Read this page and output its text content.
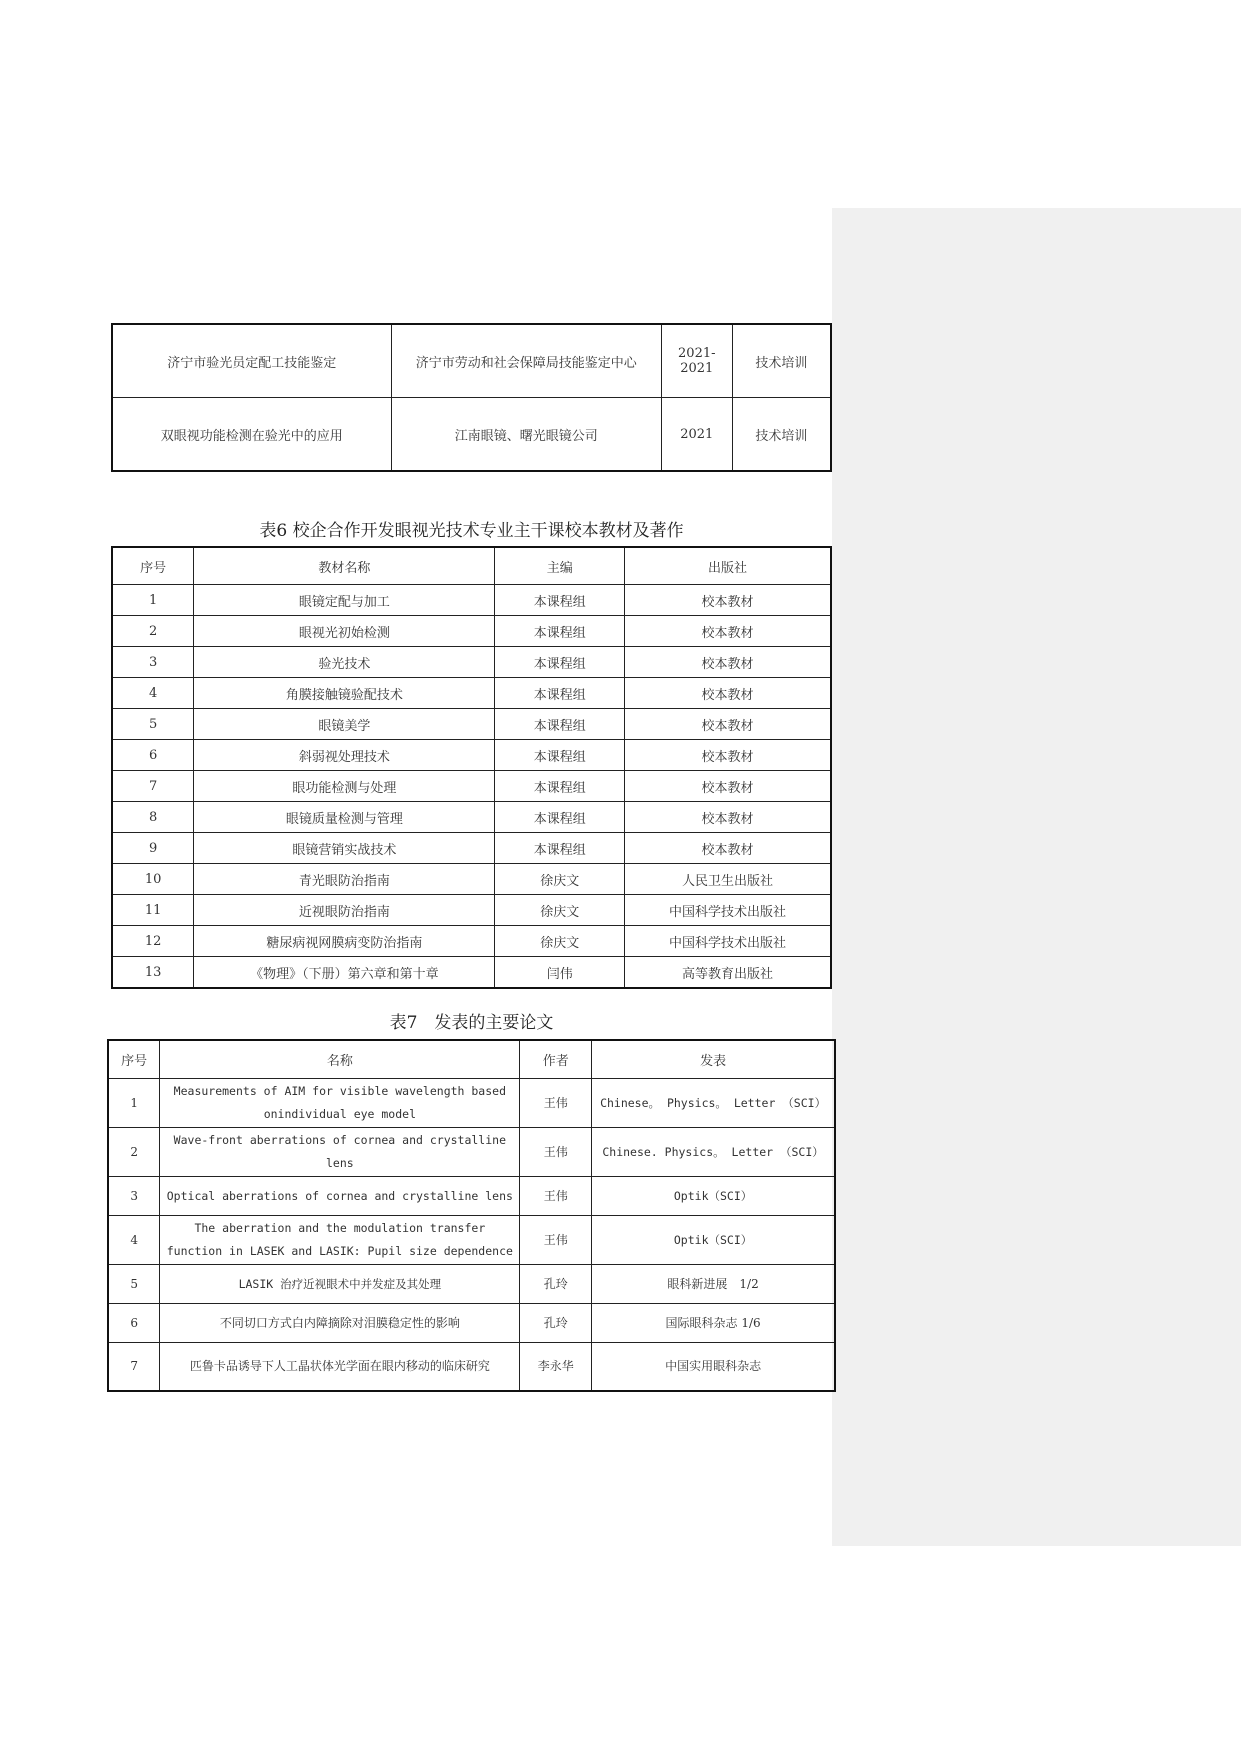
济宁市验光员定配工技能鉴定	济宁市劳动和社会保障局技能鉴定中心	2021-2021	技术培训
双眼视功能检测在验光中的应用	江南眼镜、曙光眼镜公司	2021	技术培训
表6 校企合作开发眼视光技术专业主干课校本教材及著作
序号	教材名称	主编	出版社
1	眼镜定配与加工	本课程组	校本教材
2	眼视光初始检测	本课程组	校本教材
3	验光技术	本课程组	校本教材
4	角膜接触镜验配技术	本课程组	校本教材
5	眼镜美学	本课程组	校本教材
6	斜弱视处理技术	本课程组	校本教材
7	眼功能检测与处理	本课程组	校本教材
8	眼镜质量检测与管理	本课程组	校本教材
9	眼镜营销实战技术	本课程组	校本教材
10	青光眼防治指南	徐庆文	人民卫生出版社
11	近视眼防治指南	徐庆文	中国科学技术出版社
12	糖尿病视网膜病变防治指南	徐庆文	中国科学技术出版社
13	《物理》（下册）第六章和第十章	闫伟	高等教育出版社
表7　发表的主要论文
序号	名称	作者	发表
1	Measurements of AIM for visible wavelength based onindividual eye model	王伟	Chinese。 Physics。 Letter （SCI）
2	Wave-front aberrations of cornea and crystalline lens	王伟	Chinese. Physics。 Letter （SCI）
3	Optical aberrations of cornea and crystalline lens	王伟	Optik（SCI）
4	The aberration and the modulation transfer function in LASEK and LASIK: Pupil size dependence	王伟	Optik（SCI）
5	LASIK 治疗近视眼术中并发症及其处理	孔玲	眼科新进展　1/2
6	不同切口方式白内障摘除对泪膜稳定性的影响	孔玲	国际眼科杂志 1/6
7	匹鲁卡品诱导下人工晶状体光学面在眼内移动的临床研究	李永华	中国实用眼科杂志
